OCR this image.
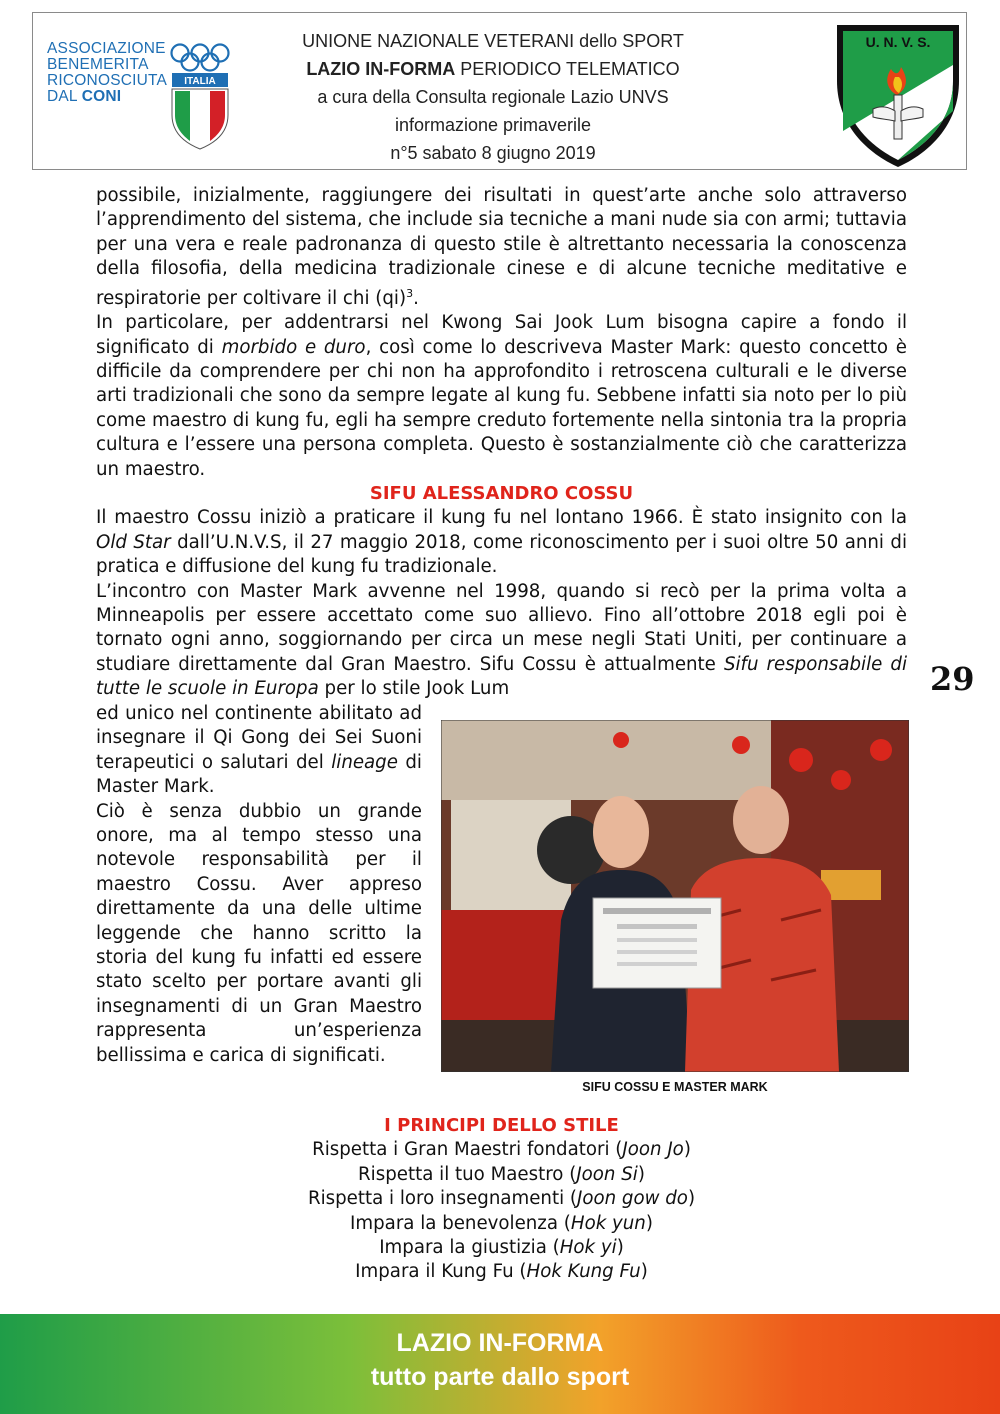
ASSOCIAZIONE
BENEMERITA
RICONOSCIUTA
DAL CONI
ITALIA
UNIONE NAZIONALE VETERANI dello SPORT
LAZIO IN-FORMA PERIODICO TELEMATICO
a cura della Consulta regionale Lazio UNVS
informazione primaverile
n°5 sabato 8 giugno 2019
U. N. V. S.

possibile, inizialmente, raggiungere dei risultati in quest’arte anche solo attraverso l’apprendimento del sistema, che include sia tecniche a mani nude sia con armi; tuttavia per una vera e reale padronanza di questo stile è altrettanto necessaria la conoscenza della filosofia, della medicina tradizionale cinese e di alcune tecniche meditative e respiratorie per coltivare il chi (qi)$^3$.

In particolare, per addentrarsi nel Kwong Sai Jook Lum bisogna capire a fondo il significato di morbido e duro, così come lo descriveva Master Mark: questo concetto è difficile da comprendere per chi non ha approfondito i retroscena culturali e le diverse arti tradizionali che sono da sempre legate al kung fu. Sebbene infatti sia noto per lo più come maestro di kung fu, egli ha sempre creduto fortemente nella sintonia tra la propria cultura e l’essere una persona completa. Questo è sostanzialmente ciò che caratterizza un maestro.

SIFU ALESSANDRO COSSU

Il maestro Cossu iniziò a praticare il kung fu nel lontano 1966. È stato insignito con la Old Star dall’U.N.V.S, il 27 maggio 2018, come riconoscimento per i suoi oltre 50 anni di pratica e diffusione del kung fu tradizionale.

L’incontro con Master Mark avvenne nel 1998, quando si recò per la prima volta a Minneapolis per essere accettato come suo allievo. Fino all’ottobre 2018 egli poi è tornato ogni anno, soggiornando per circa un mese negli Stati Uniti, per continuare a studiare direttamente dal Gran Maestro. Sifu Cossu è attualmente Sifu responsabile di tutte le scuole in Europa per lo stile Jook Lum	29

ed unico nel continente abilitato ad insegnare il Qi Gong dei Sei Suoni terapeutici o salutari del lineage di Master Mark.

Ciò è senza dubbio un grande onore, ma al tempo stesso una notevole responsabilità per il maestro Cossu. Aver appreso direttamente da una delle ultime leggende che hanno scritto la storia del kung fu infatti ed essere stato scelto per portare avanti gli insegnamenti di un Gran Maestro rappresenta un’esperienza bellissima e carica di significati.

SIFU COSSU E MASTER MARK
I PRINCIPI DELLO STILE
Rispetta i Gran Maestri fondatori (Joon Jo)
Rispetta il tuo Maestro (Joon Si)
Rispetta i loro insegnamenti (Joon gow do)
Impara la benevolenza (Hok yun)
Impara la giustizia (Hok yi)
Impara il Kung Fu (Hok Kung Fu)
LAZIO IN-FORMA
tutto parte dallo sport
